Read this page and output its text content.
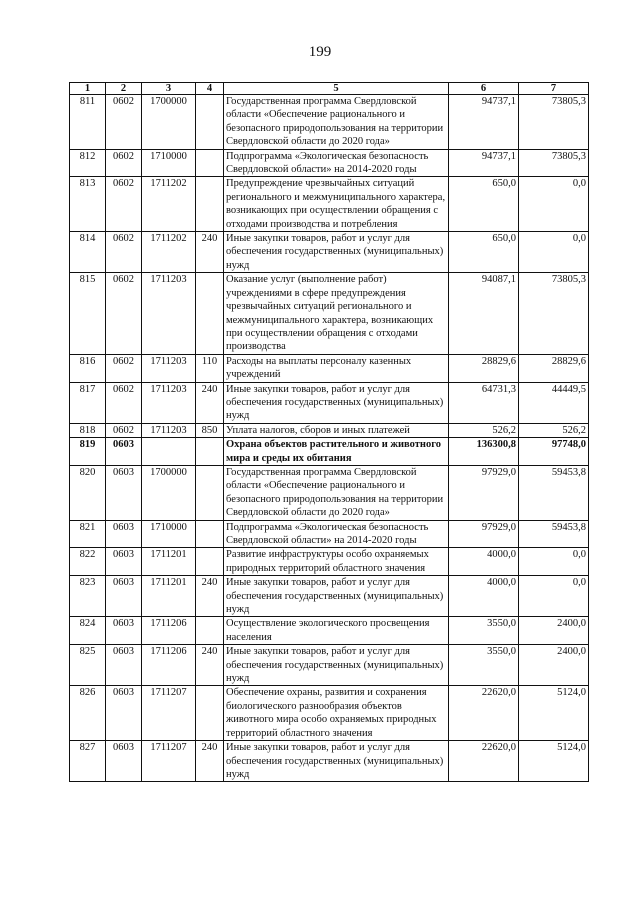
199
1	2	3	4	5	6	7
811	0602	1700000		Государственная программа Свердловской области «Обеспечение рационального и безопасного природопользования на территории Свердловской области до 2020 года»	94737,1	73805,3
812	0602	1710000		Подпрограмма «Экологическая безопасность Свердловской области» на 2014-2020 годы	94737,1	73805,3
813	0602	1711202		Предупреждение чрезвычайных ситуаций регионального и межмуниципального характера, возникающих при осуществлении обращения с отходами производства и потребления	650,0	0,0
814	0602	1711202	240	Иные закупки товаров, работ и услуг для обеспечения государственных (муниципальных) нужд	650,0	0,0
815	0602	1711203		Оказание услуг (выполнение работ) учреждениями в сфере предупреждения чрезвычайных ситуаций регионального и межмуниципального характера, возникающих при осуществлении обращения с отходами производства	94087,1	73805,3
816	0602	1711203	110	Расходы на выплаты персоналу казенных учреждений	28829,6	28829,6
817	0602	1711203	240	Иные закупки товаров, работ и услуг для обеспечения государственных (муниципальных) нужд	64731,3	44449,5
818	0602	1711203	850	Уплата налогов, сборов и иных платежей	526,2	526,2
819	0603			Охрана объектов растительного и животного мира и среды их обитания	136300,8	97748,0
820	0603	1700000		Государственная программа Свердловской области «Обеспечение рационального и безопасного природопользования на территории Свердловской области до 2020 года»	97929,0	59453,8
821	0603	1710000		Подпрограмма «Экологическая безопасность Свердловской области» на 2014-2020 годы	97929,0	59453,8
822	0603	1711201		Развитие инфраструктуры особо охраняемых природных территорий областного значения	4000,0	0,0
823	0603	1711201	240	Иные закупки товаров, работ и услуг для обеспечения государственных (муниципальных) нужд	4000,0	0,0
824	0603	1711206		Осуществление экологического просвещения населения	3550,0	2400,0
825	0603	1711206	240	Иные закупки товаров, работ и услуг для обеспечения государственных (муниципальных) нужд	3550,0	2400,0
826	0603	1711207		Обеспечение охраны, развития и сохранения биологического разнообразия объектов животного мира особо охраняемых природных территорий областного значения	22620,0	5124,0
827	0603	1711207	240	Иные закупки товаров, работ и услуг для обеспечения государственных (муниципальных) нужд	22620,0	5124,0
